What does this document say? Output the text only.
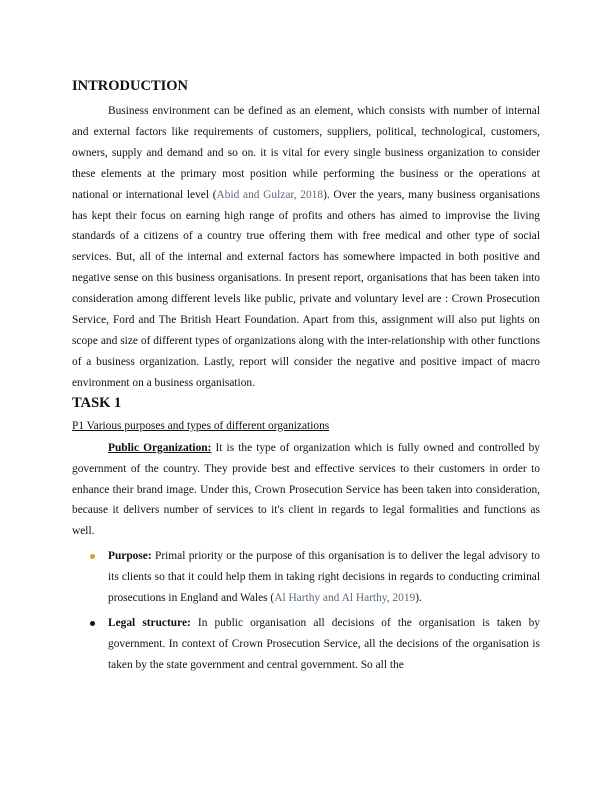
INTRODUCTION

Business environment can be defined as an element, which consists with number of internal and external factors like requirements of customers, suppliers, political, technological, customers, owners, supply and demand and so on. it is vital for every single business organization to consider these elements at the primary most position while performing the business or the operations at national or international level (Abid and Gulzar, 2018). Over the years, many business organisations has kept their focus on earning high range of profits and others has aimed to improvise the living standards of a citizens of a country true offering them with free medical and other type of social services. But, all of the internal and external factors has somewhere impacted in both positive and negative sense on this business organisations. In present report, organisations that has been taken into consideration among different levels like public, private and voluntary level are : Crown Prosecution Service, Ford and The British Heart Foundation. Apart from this, assignment will also put lights on scope and size of different types of organizations along with the inter-relationship with other functions of a business organization. Lastly, report will consider the negative and positive impact of macro environment on a business organisation.

TASK 1
P1 Various purposes and types of different organizations

Public Organization: It is the type of organization which is fully owned and controlled by government of the country. They provide best and effective services to their customers in order to enhance their brand image. Under this, Crown Prosecution Service has been taken into consideration, because it delivers number of services to it's client in regards to legal formalities and functions as well.

Purpose: Primal priority or the purpose of this organisation is to deliver the legal advisory to its clients so that it could help them in taking right decisions in regards to conducting criminal prosecutions in England and Wales (Al Harthy and Al Harthy, 2019).
Legal structure: In public organisation all decisions of the organisation is taken by government. In context of Crown Prosecution Service, all the decisions of the organisation is taken by the state government and central government. So all the
